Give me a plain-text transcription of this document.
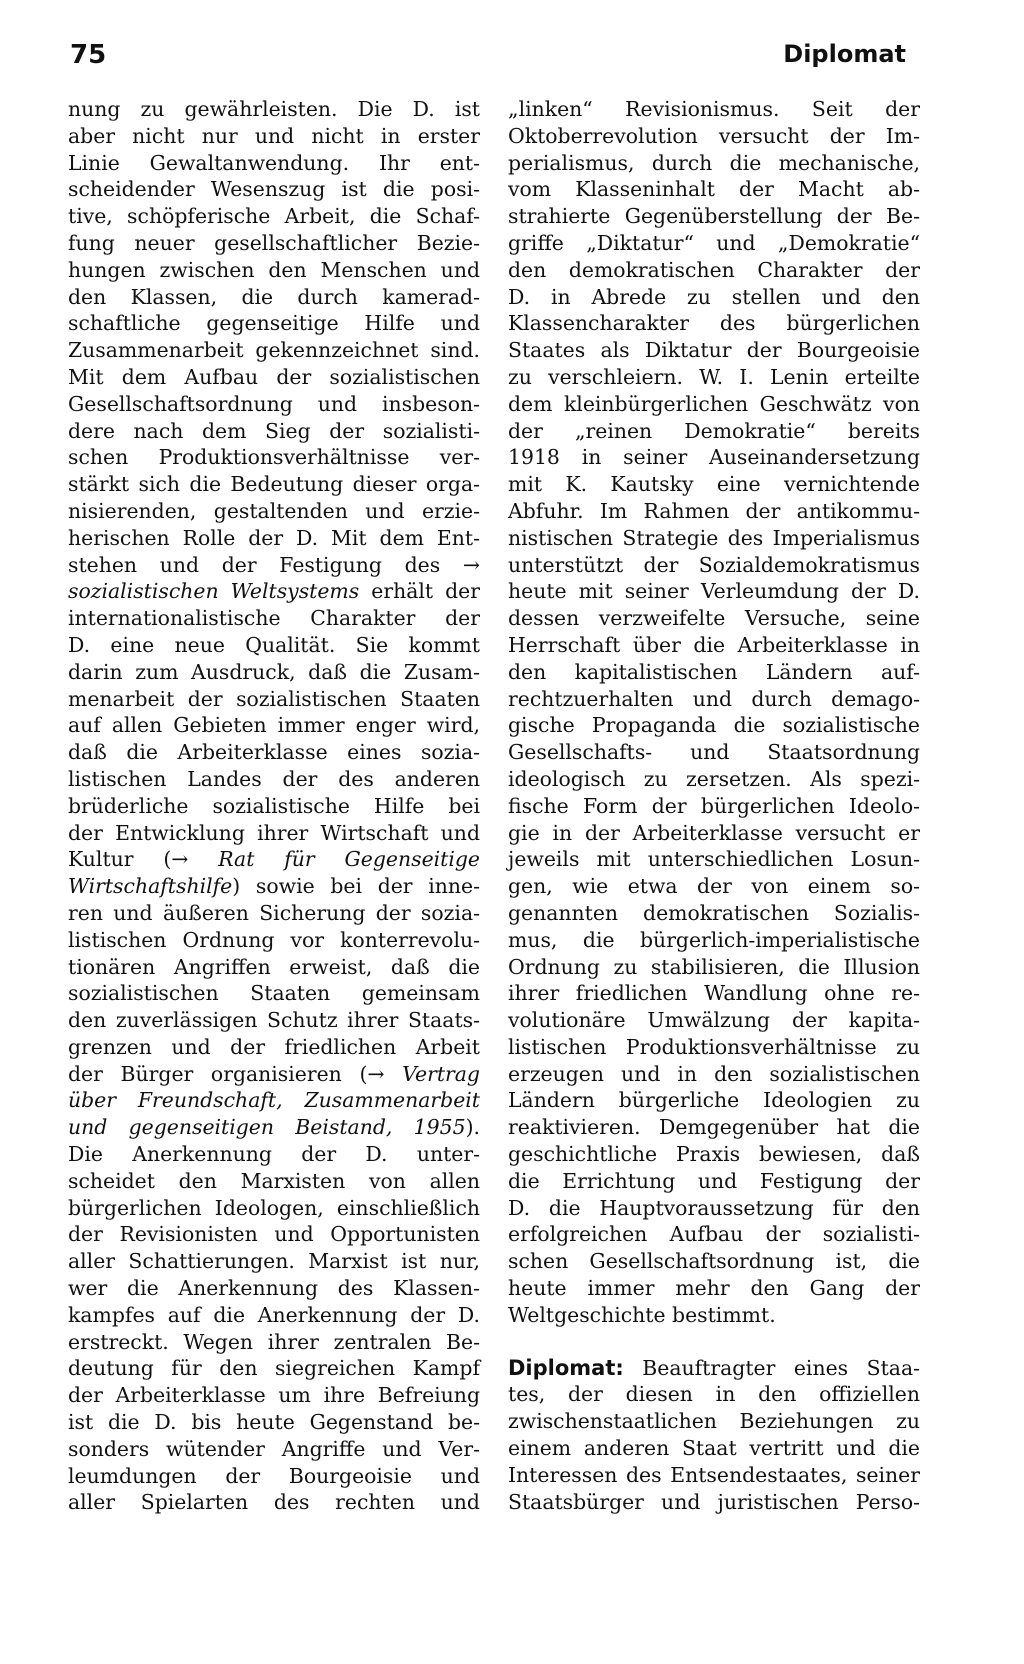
75	Diplomat
nung zu gewährleisten. Die D. ist
aber nicht nur und nicht in erster
Linie Gewaltanwendung. Ihr ent-
scheidender Wesenszug ist die posi-
tive, schöpferische Arbeit, die Schaf-
fung neuer gesellschaftlicher Bezie-
hungen zwischen den Menschen und
den Klassen, die durch kamerad-
schaftliche gegenseitige Hilfe und
Zusammenarbeit gekennzeichnet sind.
Mit dem Aufbau der sozialistischen
Gesellschaftsordnung und insbeson-
dere nach dem Sieg der sozialisti-
schen Produktionsverhältnisse ver-
stärkt sich die Bedeutung dieser orga-
nisierenden, gestaltenden und erzie-
herischen Rolle der D. Mit dem Ent-
stehen und der Festigung des →
sozialistischen Weltsystems erhält der
internationalistische Charakter der
D. eine neue Qualität. Sie kommt
darin zum Ausdruck, daß die Zusam-
menarbeit der sozialistischen Staaten
auf allen Gebieten immer enger wird,
daß die Arbeiterklasse eines sozia-
listischen Landes der des anderen
brüderliche sozialistische Hilfe bei
der Entwicklung ihrer Wirtschaft und
Kultur (→ Rat für Gegenseitige
Wirtschaftshilfe) sowie bei der inne-
ren und äußeren Sicherung der sozia-
listischen Ordnung vor konterrevolu-
tionären Angriffen erweist, daß die
sozialistischen Staaten gemeinsam
den zuverlässigen Schutz ihrer Staats-
grenzen und der friedlichen Arbeit
der Bürger organisieren (→ Vertrag
über Freundschaft, Zusammenarbeit
und gegenseitigen Beistand, 1955).
Die Anerkennung der D. unter-
scheidet den Marxisten von allen
bürgerlichen Ideologen, einschließlich
der Revisionisten und Opportunisten
aller Schattierungen. Marxist ist nur,
wer die Anerkennung des Klassen-
kampfes auf die Anerkennung der D.
erstreckt. Wegen ihrer zentralen Be-
deutung für den siegreichen Kampf
der Arbeiterklasse um ihre Befreiung
ist die D. bis heute Gegenstand be-
sonders wütender Angriffe und Ver-
leumdungen der Bourgeoisie und
aller Spielarten des rechten und
„linken“ Revisionismus. Seit der
Oktoberrevolution versucht der Im-
perialismus, durch die mechanische,
vom Klasseninhalt der Macht ab-
strahierte Gegenüberstellung der Be-
griffe „Diktatur“ und „Demokratie“
den demokratischen Charakter der
D. in Abrede zu stellen und den
Klassencharakter des bürgerlichen
Staates als Diktatur der Bourgeoisie
zu verschleiern. W. I. Lenin erteilte
dem kleinbürgerlichen Geschwätz von
der „reinen Demokratie“ bereits
1918 in seiner Auseinandersetzung
mit K. Kautsky eine vernichtende
Abfuhr. Im Rahmen der antikommu-
nistischen Strategie des Imperialismus
unterstützt der Sozialdemokratismus
heute mit seiner Verleumdung der D.
dessen verzweifelte Versuche, seine
Herrschaft über die Arbeiterklasse in
den kapitalistischen Ländern auf-
rechtzuerhalten und durch demago-
gische Propaganda die sozialistische
Gesellschafts- und Staatsordnung
ideologisch zu zersetzen. Als spezi-
fische Form der bürgerlichen Ideolo-
gie in der Arbeiterklasse versucht er
jeweils mit unterschiedlichen Losun-
gen, wie etwa der von einem so-
genannten demokratischen Sozialis-
mus, die bürgerlich-imperialistische
Ordnung zu stabilisieren, die Illusion
ihrer friedlichen Wandlung ohne re-
volutionäre Umwälzung der kapita-
listischen Produktionsverhältnisse zu
erzeugen und in den sozialistischen
Ländern bürgerliche Ideologien zu
reaktivieren. Demgegenüber hat die
geschichtliche Praxis bewiesen, daß
die Errichtung und Festigung der
D. die Hauptvoraussetzung für den
erfolgreichen Aufbau der sozialisti-
schen Gesellschaftsordnung ist, die
heute immer mehr den Gang der
Weltgeschichte bestimmt.
Diplomat: Beauftragter eines Staa-
tes, der diesen in den offiziellen
zwischenstaatlichen Beziehungen zu
einem anderen Staat vertritt und die
Interessen des Entsendestaates, seiner
Staatsbürger und juristischen Perso-
